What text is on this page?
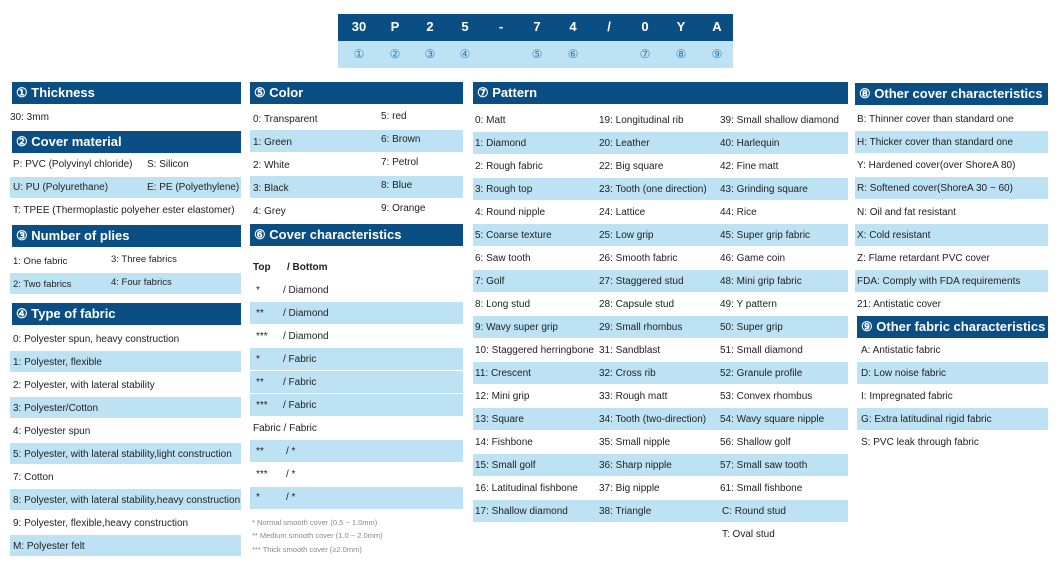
30	P	2	5	-	7	4	/	0	Y	A
①	②	③	④	⑤	⑥	⑦	⑧	⑨
① Thickness
30: 3mm
② Cover material
P: PVC (Polyvinyl chloride) S: Silicon
U: PU (Polyurethane)	E: PE (Polyethylene)
T: TPEE (Thermoplastic polyeher ester elastomer)
③ Number of plies
1: One fabric	3: Three fabrics
2: Two fabrics	4: Four fabrics
④ Type of fabric
0: Polyester spun, heavy construction
1: Polyester, flexible
2: Polyester, with lateral stability
3: Polyester/Cotton
4: Polyester spun
5: Polyester, with lateral stability,light construction
7: Cotton
8: Polyester, with lateral stability,heavy construction
9: Polyester, flexible,heavy construction
M: Polyester felt
⑤ Color
0: Transparent	5: red
1: Green	6: Brown
2: White	7: Petrol
3: Black	8: Blue
4: Grey	9: Orange
⑥ Cover characteristics
Top / Bottom
* / Diamond
** / Diamond
*** / Diamond
* / Fabric
** / Fabric
*** / Fabric
Fabric / Fabric
** / *
*** / *
*	/ *
* Normal smooth cover (0.5 ~ 1.0mm)
** Medium smooth cover (1.0 ~ 2.0mm)
*** Thick smooth cover (≥2.0mm)
⑦ Pattern
0: Matt
1: Diamond
2: Rough fabric
3: Rough top
4: Round nipple
5: Coarse texture
6: Saw tooth
7: Golf
8: Long stud
9: Wavy super grip
10: Staggered herringbone
11: Crescent
12: Mini grip
13: Square
14: Fishbone
15: Small golf
16: Latitudinal fishbone
17: Shallow diamond
19: Longitudinal rib
20: Leather
22: Big square
23: Tooth (one direction)
24: Lattice
25: Low grip
26: Smooth fabric
27: Staggered stud
28: Capsule stud
29: Small rhombus
31: Sandblast
32: Cross rib
33: Rough matt
34: Tooth (two-direction)
35: Small nipple
36: Sharp nipple
37: Big nipple
38: Triangle
39: Small shallow diamond
40: Harlequin
42: Fine matt
43: Grinding square
44: Rice
45: Super grip fabric
46: Game coin
48: Mini grip fabric
49: Y pattern
50: Super grip
51: Small diamond
52: Granule profile
53: Convex rhombus
54: Wavy square nipple
56: Shallow golf
57: Small saw tooth
61: Small fishbone
C: Round stud
T: Oval stud
⑧ Other cover characteristics
B: Thinner cover than standard one
H: Thicker cover than standard one
Y: Hardened cover(over ShoreA 80)
R: Softened cover(ShoreA 30 ~ 60)
N: Oil and fat resistant
X: Cold resistant
Z: Flame retardant PVC cover
FDA: Comply with FDA requirements
21: Antistatic cover
⑨ Other fabric characteristics
A: Antistatic fabric
D: Low noise fabric
I: Impregnated fabric
G: Extra latitudinal rigid fabric
S: PVC leak through fabric
